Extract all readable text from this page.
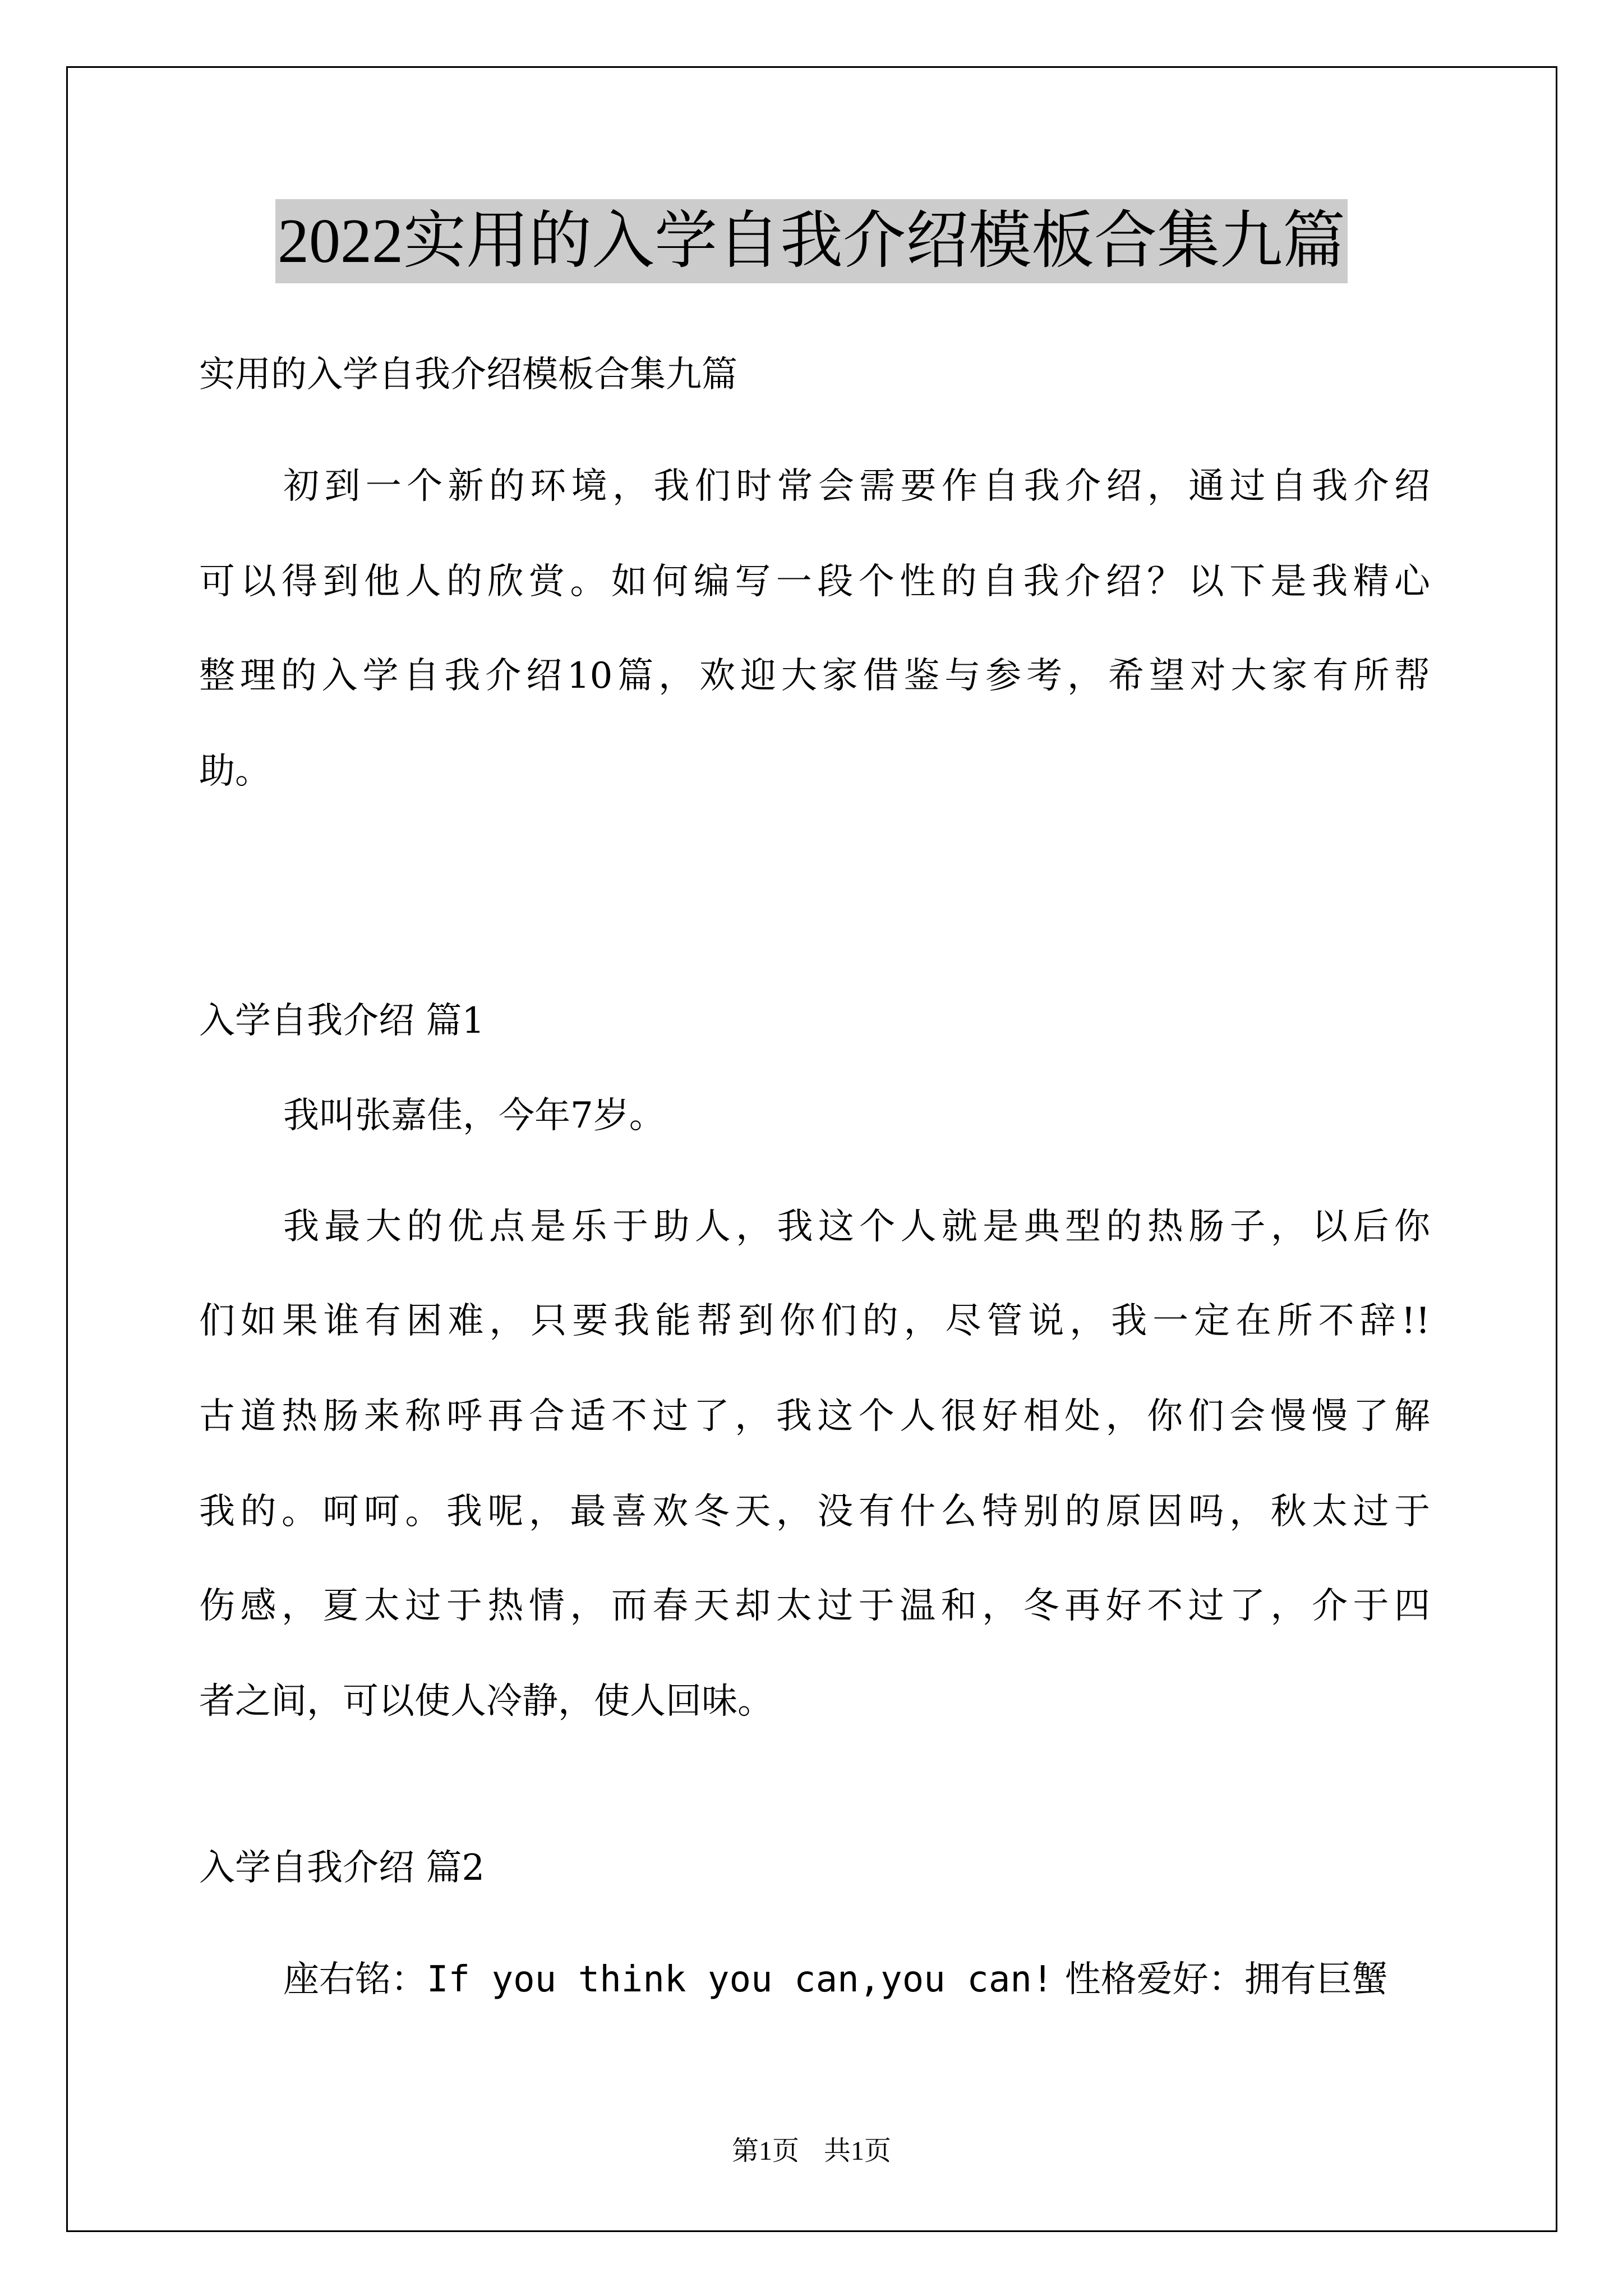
2022实用的入学自我介绍模板合集九篇
实用的入学自我介绍模板合集九篇
初到一个新的环境，我们时常会需要作自我介绍，通过自我介绍
可以得到他人的欣赏。如何编写一段个性的自我介绍？以下是我精心
整理的入学自我介绍10篇，欢迎大家借鉴与参考，希望对大家有所帮
助。
入学自我介绍 篇1
我叫张嘉佳，今年7岁。
我最大的优点是乐于助人，我这个人就是典型的热肠子，以后你
们如果谁有困难，只要我能帮到你们的，尽管说，我一定在所不辞!!
古道热肠来称呼再合适不过了，我这个人很好相处，你们会慢慢了解
我的。呵呵。我呢，最喜欢冬天，没有什么特别的原因吗，秋太过于
伤感，夏太过于热情，而春天却太过于温和，冬再好不过了，介于四
者之间，可以使人冷静，使人回味。
入学自我介绍 篇2
座右铭：If you think you can,you can! 性格爱好：拥有巨蟹
第1页 共1页
